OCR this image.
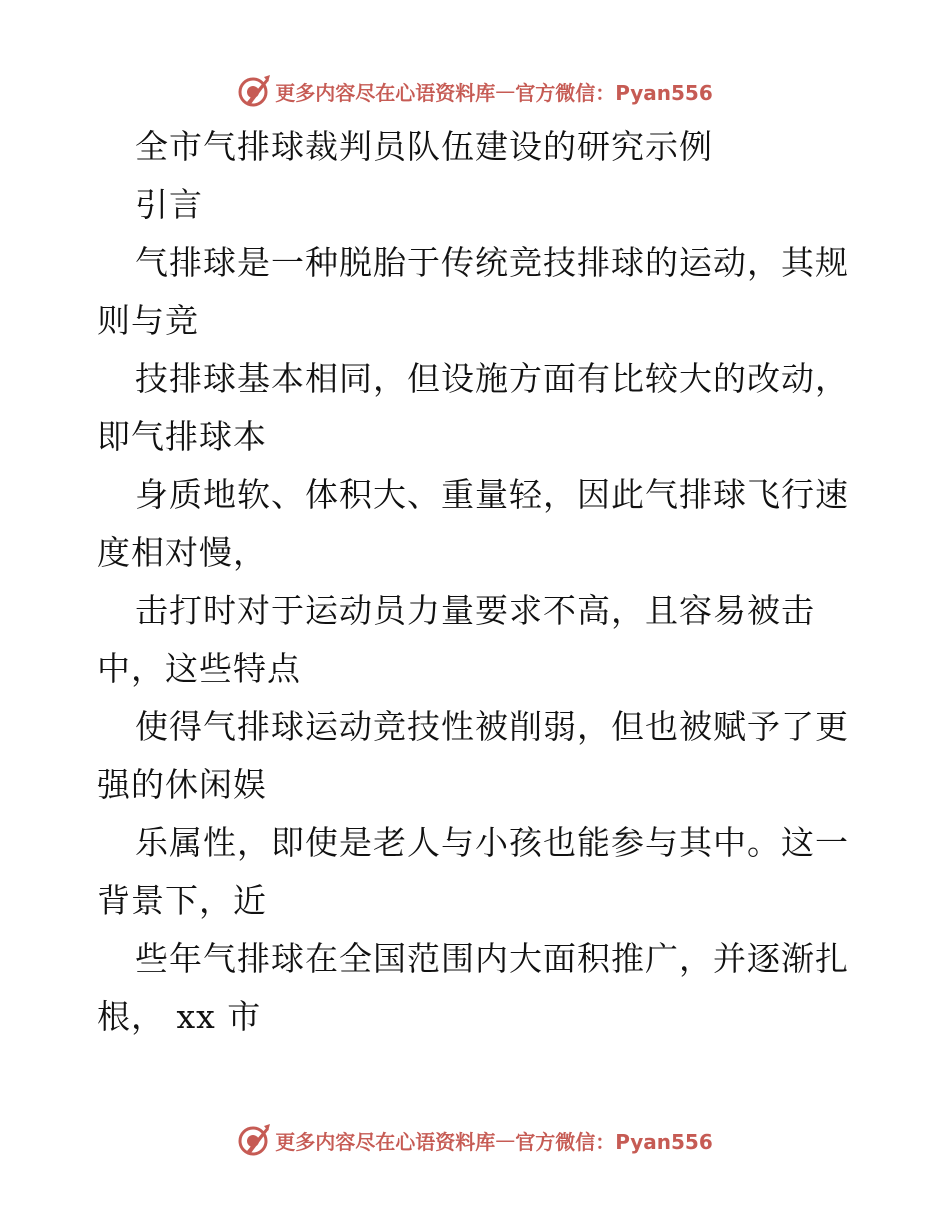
更多内容尽在心语资料库 — 官方微信：Pyan556
全市气排球裁判员队伍建设的研究示例
引言
气排球是一种脱胎于传统竞技排球的运动，其规
则与竞
技排球基本相同，但设施方面有比较大的改动，
即气排球本
身质地软、体积大、重量轻，因此气排球飞行速
度相对慢，
击打时对于运动员力量要求不高，且容易被击
中，这些特点
使得气排球运动竞技性被削弱，但也被赋予了更
强的休闲娱
乐属性，即使是老人与小孩也能参与其中。这一
背景下，近
些年气排球在全国范围内大面积推广，并逐渐扎
根， xx 市
更多内容尽在心语资料库 — 官方微信：Pyan556
